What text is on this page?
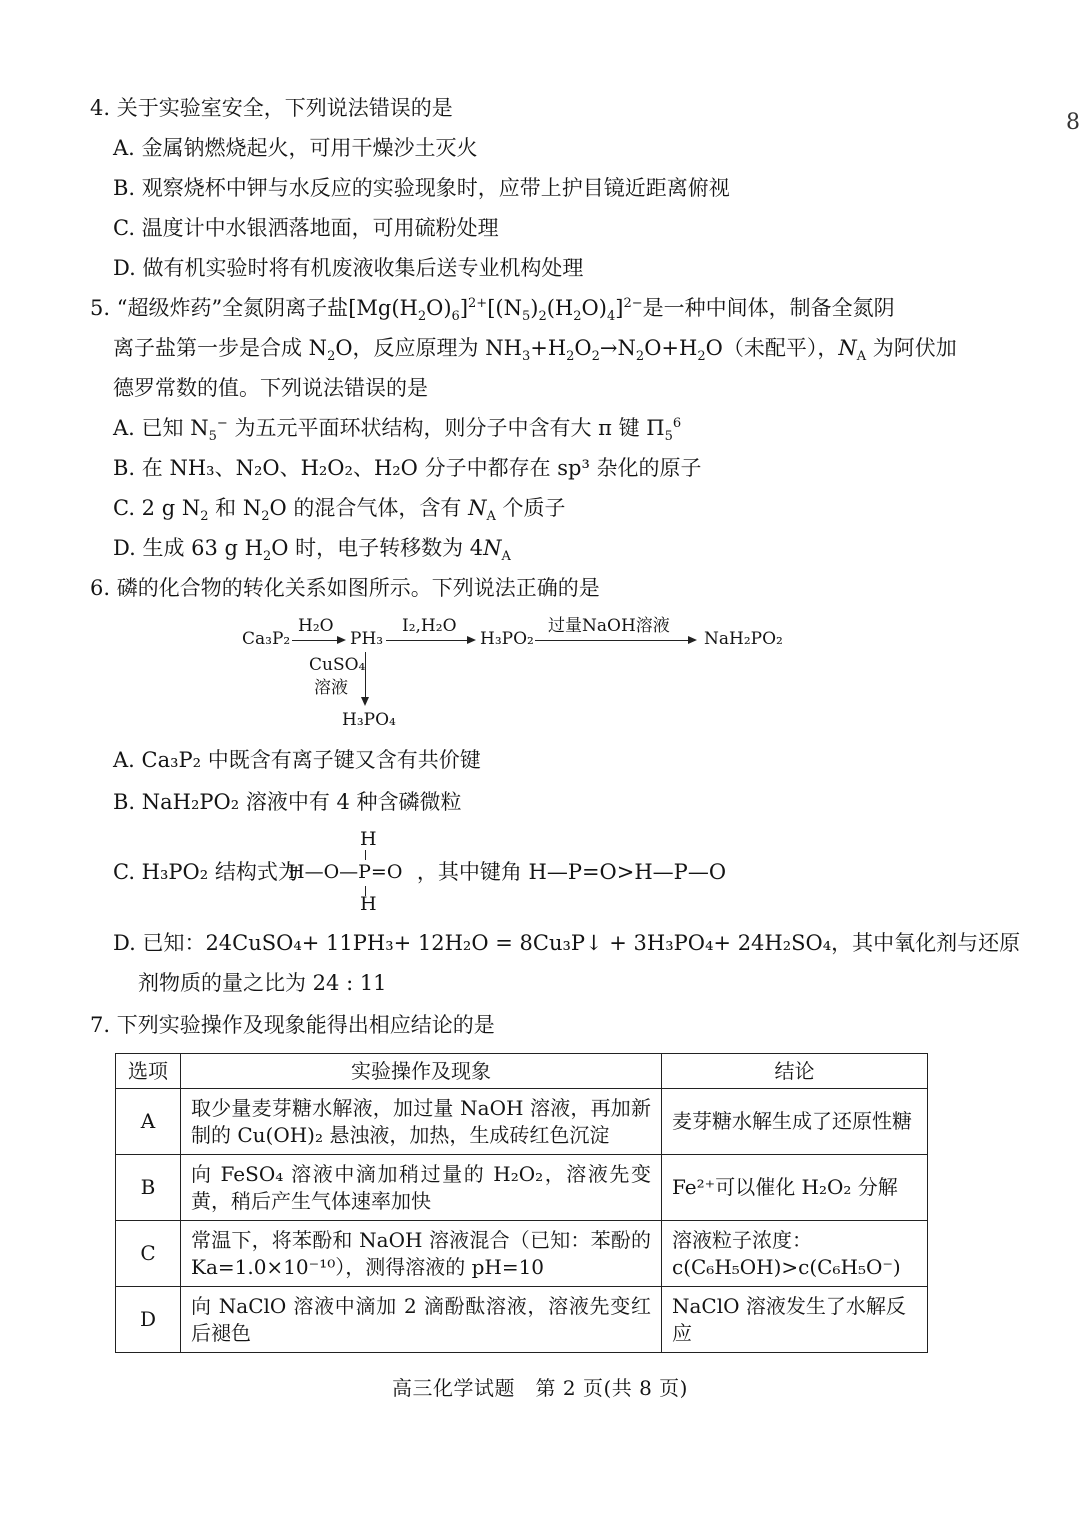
8
4. 关于实验室安全，下列说法错误的是
A. 金属钠燃烧起火，可用干燥沙土灭火
B. 观察烧杯中钾与水反应的实验现象时，应带上护目镜近距离俯视
C. 温度计中水银洒落地面，可用硫粉处理
D. 做有机实验时将有机废液收集后送专业机构处理
5. “超级炸药”全氮阴离子盐$[Mg(H_2O)_6]^{2+}[(N_5)_2(H_2O)_4]^{2-}$是一种中间体，制备全氮阴
离子盐第一步是合成 $N_2O$，反应原理为 $NH_3+H_2O_2\to N_2O+H_2O$（未配平），$N_A$ 为阿伏加
德罗常数的值。下列说法错误的是
A. 已知 $N_5^-$ 为五元平面环状结构，则分子中含有大 π 键 $\Pi_5^6$
B. 在 NH₃、N₂O、H₂O₂、H₂O 分子中都存在 sp³ 杂化的原子
C. 2 g $N_2$ 和 $N_2O$ 的混合气体，含有 $N_A$ 个质子
D. 生成 63 g $H_2O$ 时，电子转移数为 $4N_A$
6. 磷的化合物的转化关系如图所示。下列说法正确的是
Ca₃P₂
H₂O
PH₃
I₂,H₂O
H₃PO₂
过量NaOH溶液
NaH₂PO₂
CuSO₄
溶液
H₃PO₄
A. Ca₃P₂ 中既含有离子键又含有共价键
B. NaH₂PO₂ 溶液中有 4 种含磷微粒
C. H₃PO₂ 结构式为	，其中键角 H—P=O>H—P—O
H
H—O—P=O
H
D. 已知：24CuSO₄+ 11PH₃+ 12H₂O = 8Cu₃P↓ + 3H₃PO₄+ 24H₂SO₄，其中氧化剂与还原
剂物质的量之比为 24 : 11
7. 下列实验操作及现象能得出相应结论的是
选项	实验操作及现象	结论
A	取少量麦芽糖水解液，加过量 NaOH 溶液，再加新制的 Cu(OH)₂ 悬浊液，加热，生成砖红色沉淀	麦芽糖水解生成了还原性糖
B	向 FeSO₄ 溶液中滴加稍过量的 H₂O₂，溶液先变黄，稍后产生气体速率加快	Fe²⁺可以催化 H₂O₂ 分解
C	常温下，将苯酚和 NaOH 溶液混合（已知：苯酚的 Ka=1.0×10⁻¹⁰），测得溶液的 pH=10	溶液粒子浓度：c(C₆H₅OH)>c(C₆H₅O⁻)
D	向 NaClO 溶液中滴加 2 滴酚酞溶液，溶液先变红后褪色	NaClO 溶液发生了水解反应
高三化学试题　第 2 页(共 8 页)
